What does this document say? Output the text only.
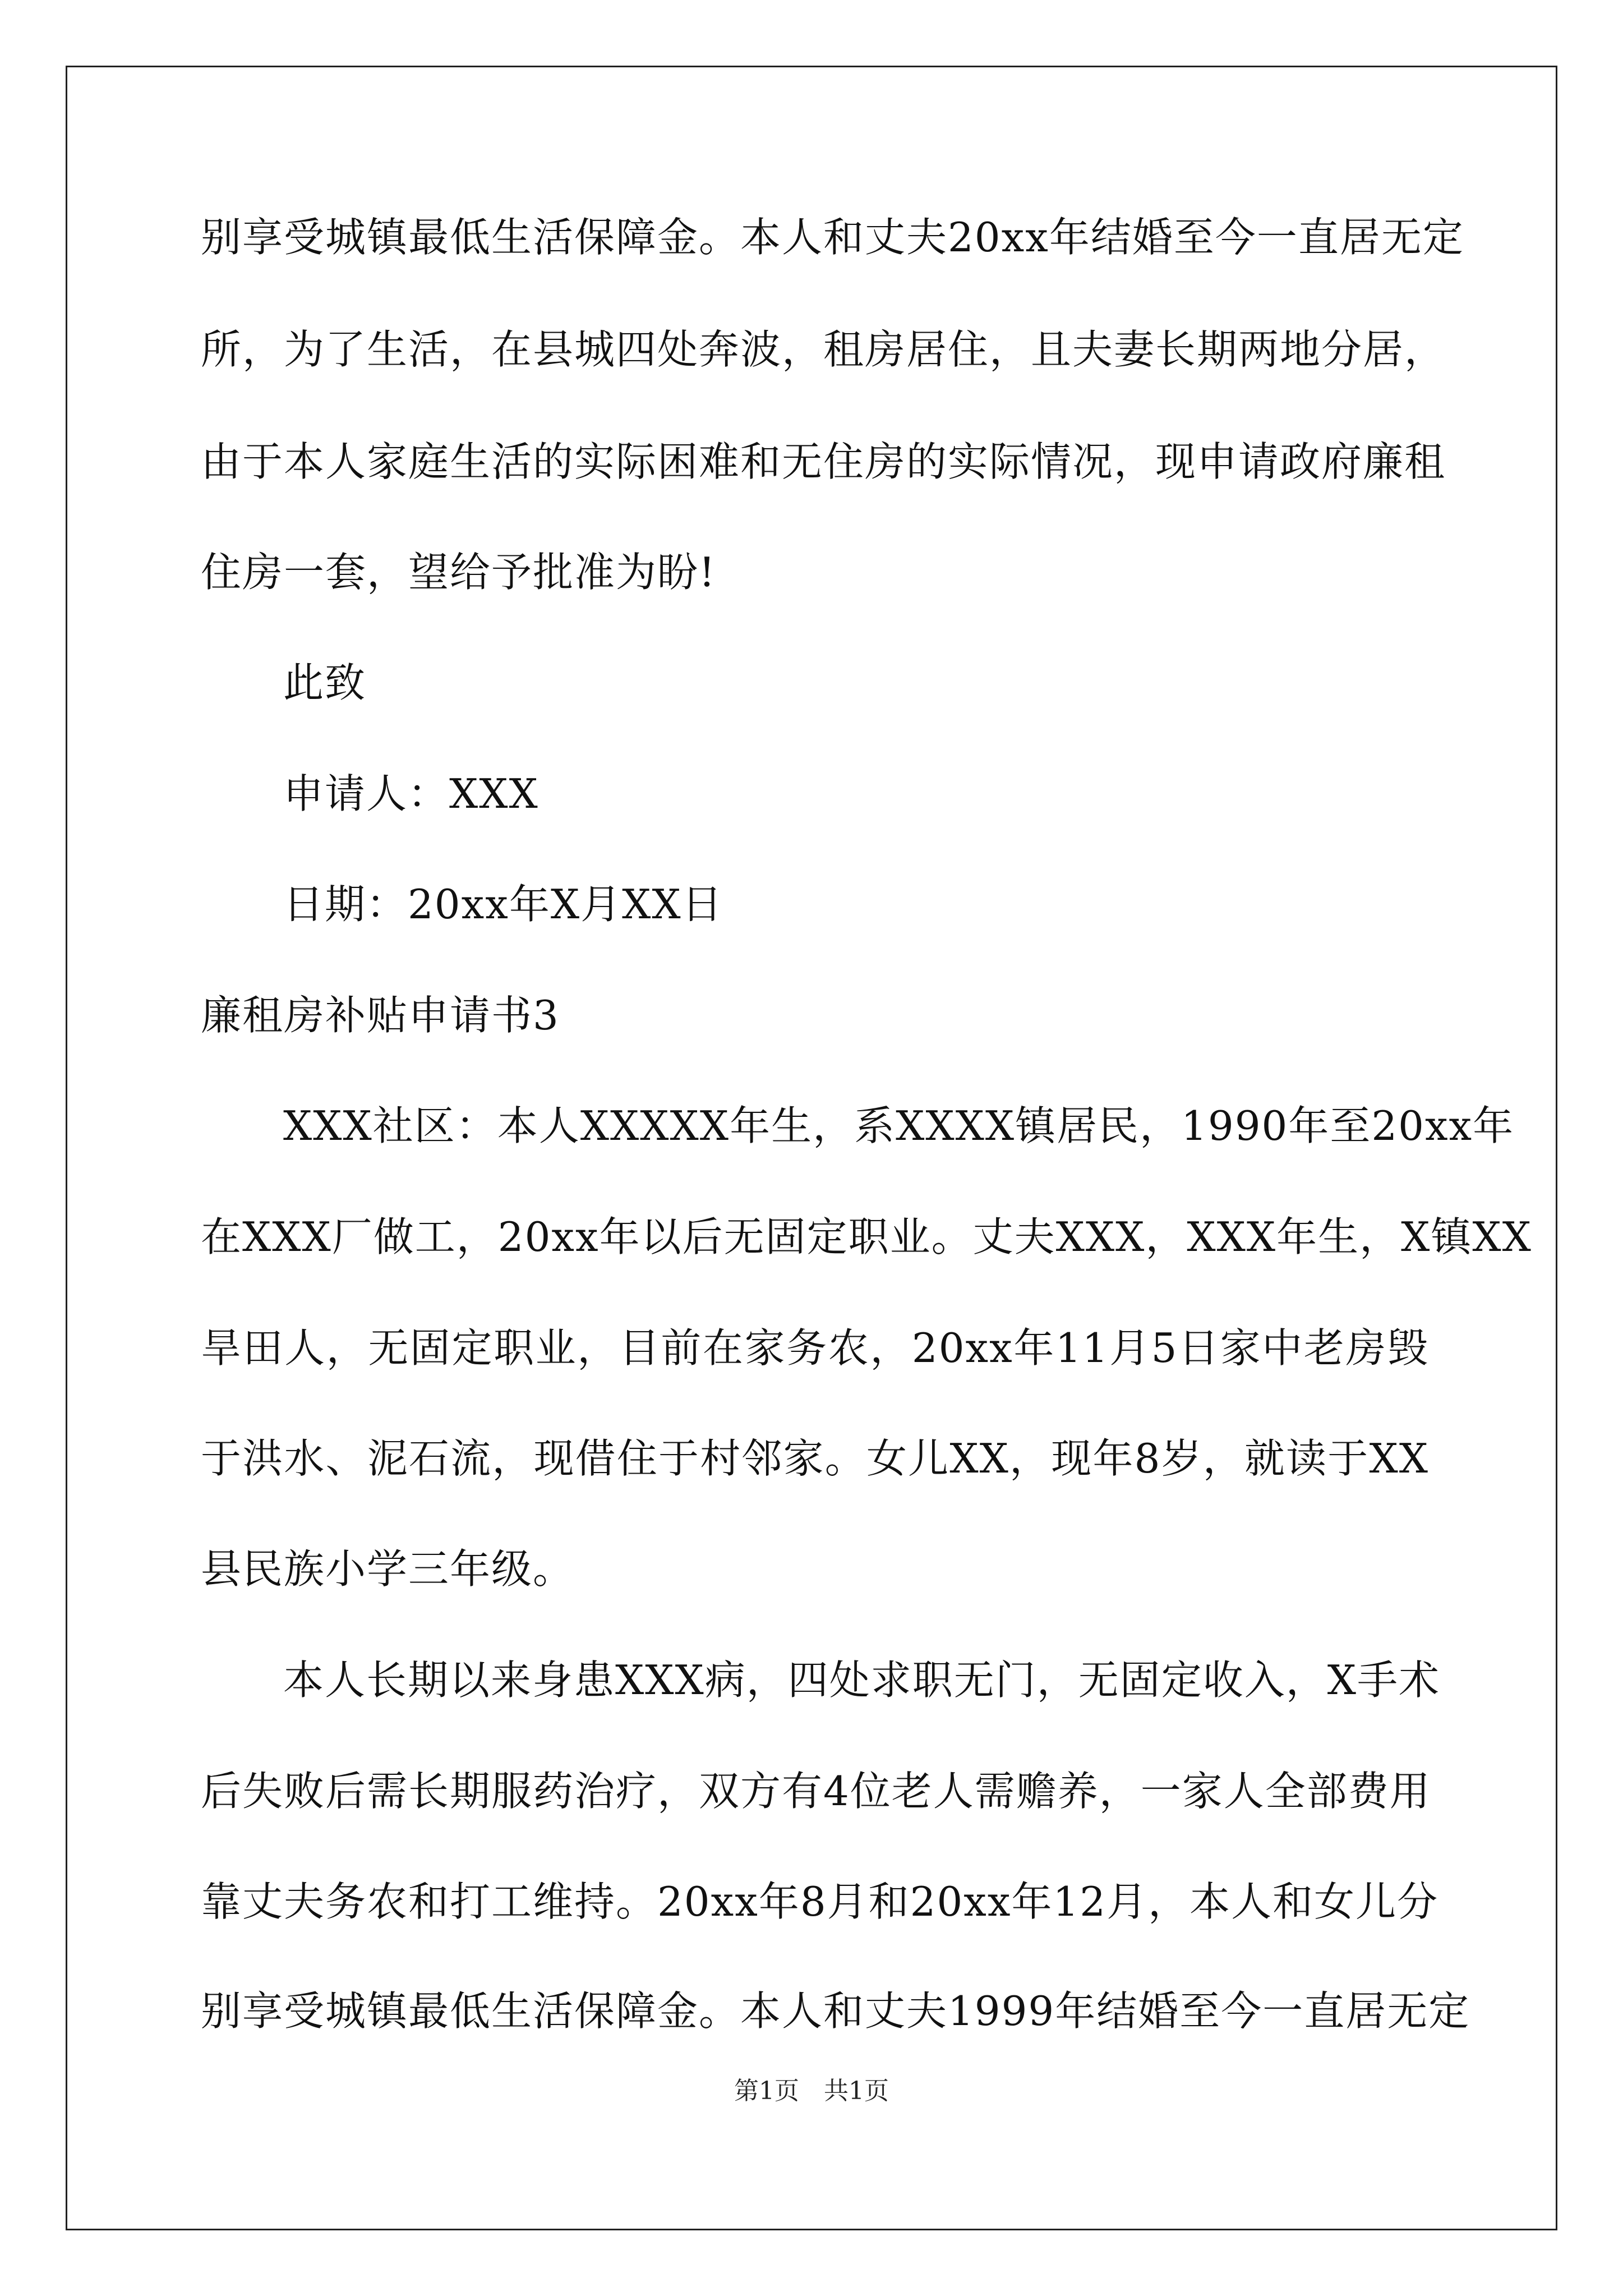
别享受城镇最低生活保障金。本人和丈夫20xx年结婚至今一直居无定
所，为了生活，在县城四处奔波，租房居住，且夫妻长期两地分居，
由于本人家庭生活的实际困难和无住房的实际情况，现申请政府廉租
住房一套，望给予批准为盼!
此致
申请人：XXX
日期：20xx年X月XX日
廉租房补贴申请书3
XXX社区：本人XXXXX年生，系XXXX镇居民，1990年至20xx年
在XXX厂做工，20xx年以后无固定职业。丈夫XXX，XXX年生，X镇XX
旱田人，无固定职业，目前在家务农，20xx年11月5日家中老房毁
于洪水、泥石流，现借住于村邻家。女儿XX，现年8岁，就读于XX
县民族小学三年级。
本人长期以来身患XXX病，四处求职无门，无固定收入，X手术
后失败后需长期服药治疗，双方有4位老人需赡养，一家人全部费用
靠丈夫务农和打工维持。20xx年8月和20xx年12月，本人和女儿分
别享受城镇最低生活保障金。本人和丈夫1999年结婚至今一直居无定
第1页　共1页
